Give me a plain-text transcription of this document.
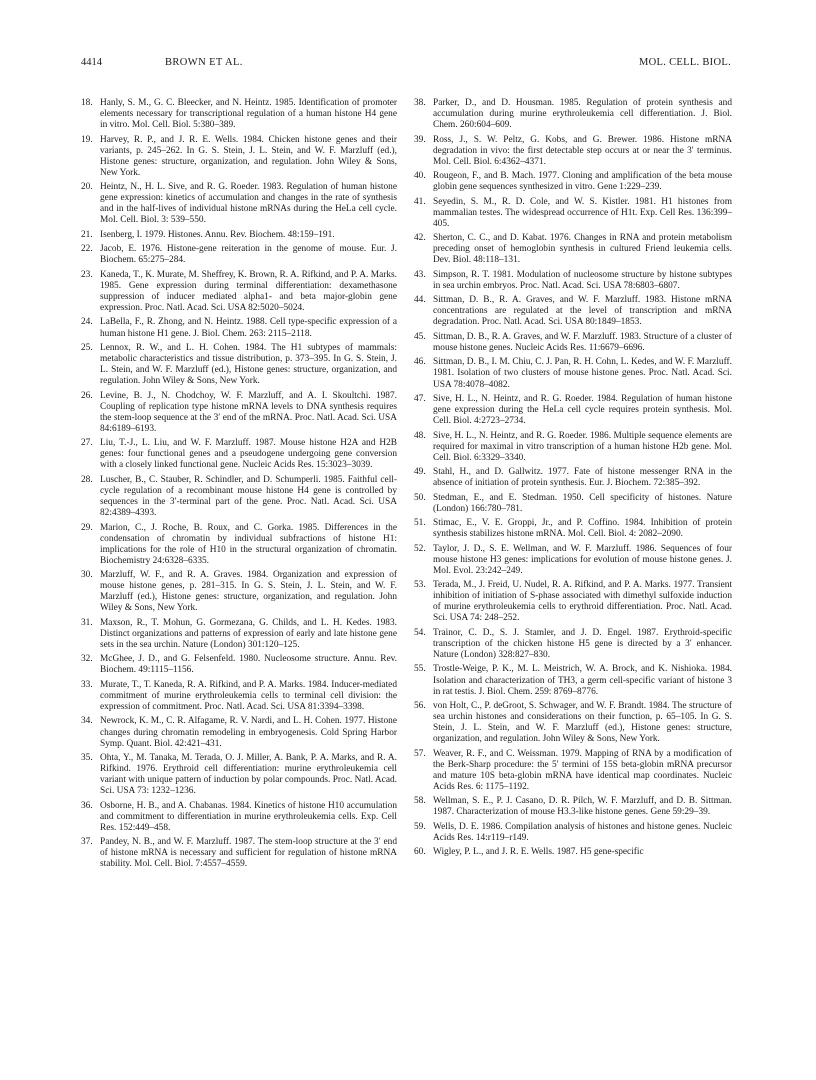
4414	BROWN ET AL.	MOL. CELL. BIOL.
18. Hanly, S. M., G. C. Bleecker, and N. Heintz. 1985. Identification of promoter elements necessary for transcriptional regulation of a human histone H4 gene in vitro. Mol. Cell. Biol. 5:380–389.
19. Harvey, R. P., and J. R. E. Wells. 1984. Chicken histone genes and their variants, p. 245–262. In G. S. Stein, J. L. Stein, and W. F. Marzluff (ed.), Histone genes: structure, organization, and regulation. John Wiley & Sons, New York.
20. Heintz, N., H. L. Sive, and R. G. Roeder. 1983. Regulation of human histone gene expression: kinetics of accumulation and changes in the rate of synthesis and in the half-lives of individual histone mRNAs during the HeLa cell cycle. Mol. Cell. Biol. 3: 539–550.
21. Isenberg, I. 1979. Histones. Annu. Rev. Biochem. 48:159–191.
22. Jacob, E. 1976. Histone-gene reiteration in the genome of mouse. Eur. J. Biochem. 65:275–284.
23. Kaneda, T., K. Murate, M. Sheffrey, K. Brown, R. A. Rifkind, and P. A. Marks. 1985. Gene expression during terminal differentiation: dexamethasone suppression of inducer mediated alpha1- and beta major-globin gene expression. Proc. Natl. Acad. Sci. USA 82:5020–5024.
24. LaBella, F., R. Zhong, and N. Heintz. 1988. Cell type-specific expression of a human histone H1 gene. J. Biol. Chem. 263: 2115–2118.
25. Lennox, R. W., and L. H. Cohen. 1984. The H1 subtypes of mammals: metabolic characteristics and tissue distribution, p. 373–395. In G. S. Stein, J. L. Stein, and W. F. Marzluff (ed.), Histone genes: structure, organization, and regulation. John Wiley & Sons, New York.
26. Levine, B. J., N. Chodchoy, W. F. Marzluff, and A. I. Skoultchi. 1987. Coupling of replication type histone mRNA levels to DNA synthesis requires the stem-loop sequence at the 3′ end of the mRNA. Proc. Natl. Acad. Sci. USA 84:6189–6193.
27. Liu, T.-J., L. Liu, and W. F. Marzluff. 1987. Mouse histone H2A and H2B genes: four functional genes and a pseudogene undergoing gene conversion with a closely linked functional gene. Nucleic Acids Res. 15:3023–3039.
28. Luscher, B., C. Stauber, R. Schindler, and D. Schumperli. 1985. Faithful cell-cycle regulation of a recombinant mouse histone H4 gene is controlled by sequences in the 3′-terminal part of the gene. Proc. Natl. Acad. Sci. USA 82:4389–4393.
29. Marion, C., J. Roche, B. Roux, and C. Gorka. 1985. Differences in the condensation of chromatin by individual subfractions of histone H1: implications for the role of H10 in the structural organization of chromatin. Biochemistry 24:6328–6335.
30. Marzluff, W. F., and R. A. Graves. 1984. Organization and expression of mouse histone genes, p. 281–315. In G. S. Stein, J. L. Stein, and W. F. Marzluff (ed.), Histone genes: structure, organization, and regulation. John Wiley & Sons, New York.
31. Maxson, R., T. Mohun, G. Gormezana, G. Childs, and L. H. Kedes. 1983. Distinct organizations and patterns of expression of early and late histone gene sets in the sea urchin. Nature (London) 301:120–125.
32. McGhee, J. D., and G. Felsenfeld. 1980. Nucleosome structure. Annu. Rev. Biochem. 49:1115–1156.
33. Murate, T., T. Kaneda, R. A. Rifkind, and P. A. Marks. 1984. Inducer-mediated commitment of murine erythroleukemia cells to terminal cell division: the expression of commitment. Proc. Natl. Acad. Sci. USA 81:3394–3398.
34. Newrock, K. M., C. R. Alfagame, R. V. Nardi, and L. H. Cohen. 1977. Histone changes during chromatin remodeling in embryogenesis. Cold Spring Harbor Symp. Quant. Biol. 42:421–431.
35. Ohta, Y., M. Tanaka, M. Terada, O. J. Miller, A. Bank, P. A. Marks, and R. A. Rifkind. 1976. Erythroid cell differentiation: murine erythroleukemia cell variant with unique pattern of induction by polar compounds. Proc. Natl. Acad. Sci. USA 73: 1232–1236.
36. Osborne, H. B., and A. Chabanas. 1984. Kinetics of histone H10 accumulation and commitment to differentiation in murine erythroleukemia cells. Exp. Cell Res. 152:449–458.
37. Pandey, N. B., and W. F. Marzluff. 1987. The stem-loop structure at the 3′ end of histone mRNA is necessary and sufficient for regulation of histone mRNA stability. Mol. Cell. Biol. 7:4557–4559.
38. Parker, D., and D. Housman. 1985. Regulation of protein synthesis and accumulation during murine erythroleukemia cell differentiation. J. Biol. Chem. 260:604–609.
39. Ross, J., S. W. Peltz, G. Kobs, and G. Brewer. 1986. Histone mRNA degradation in vivo: the first detectable step occurs at or near the 3′ terminus. Mol. Cell. Biol. 6:4362–4371.
40. Rougeon, F., and B. Mach. 1977. Cloning and amplification of the beta mouse globin gene sequences synthesized in vitro. Gene 1:229–239.
41. Seyedin, S. M., R. D. Cole, and W. S. Kistler. 1981. H1 histones from mammalian testes. The widespread occurrence of H1t. Exp. Cell Res. 136:399–405.
42. Sherton, C. C., and D. Kabat. 1976. Changes in RNA and protein metabolism preceding onset of hemoglobin synthesis in cultured Friend leukemia cells. Dev. Biol. 48:118–131.
43. Simpson, R. T. 1981. Modulation of nucleosome structure by histone subtypes in sea urchin embryos. Proc. Natl. Acad. Sci. USA 78:6803–6807.
44. Sittman, D. B., R. A. Graves, and W. F. Marzluff. 1983. Histone mRNA concentrations are regulated at the level of transcription and mRNA degradation. Proc. Natl. Acad. Sci. USA 80:1849–1853.
45. Sittman, D. B., R. A. Graves, and W. F. Marzluff. 1983. Structure of a cluster of mouse histone genes. Nucleic Acids Res. 11:6679–6696.
46. Sittman, D. B., I. M. Chiu, C. J. Pan, R. H. Cohn, L. Kedes, and W. F. Marzluff. 1981. Isolation of two clusters of mouse histone genes. Proc. Natl. Acad. Sci. USA 78:4078–4082.
47. Sive, H. L., N. Heintz, and R. G. Roeder. 1984. Regulation of human histone gene expression during the HeLa cell cycle requires protein synthesis. Mol. Cell. Biol. 4:2723–2734.
48. Sive, H. L., N. Heintz, and R. G. Roeder. 1986. Multiple sequence elements are required for maximal in vitro transcription of a human histone H2b gene. Mol. Cell. Biol. 6:3329–3340.
49. Stahl, H., and D. Gallwitz. 1977. Fate of histone messenger RNA in the absence of initiation of protein synthesis. Eur. J. Biochem. 72:385–392.
50. Stedman, E., and E. Stedman. 1950. Cell specificity of histones. Nature (London) 166:780–781.
51. Stimac, E., V. E. Groppi, Jr., and P. Coffino. 1984. Inhibition of protein synthesis stabilizes histone mRNA. Mol. Cell. Biol. 4: 2082–2090.
52. Taylor, J. D., S. E. Wellman, and W. F. Marzluff. 1986. Sequences of four mouse histone H3 genes: implications for evolution of mouse histone genes. J. Mol. Evol. 23:242–249.
53. Terada, M., J. Freid, U. Nudel, R. A. Rifkind, and P. A. Marks. 1977. Transient inhibition of initiation of S-phase associated with dimethyl sulfoxide induction of murine erythroleukemia cells to erythroid differentiation. Proc. Natl. Acad. Sci. USA 74: 248–252.
54. Trainor, C. D., S. J. Stamler, and J. D. Engel. 1987. Erythroid-specific transcription of the chicken histone H5 gene is directed by a 3′ enhancer. Nature (London) 328:827–830.
55. Trostle-Weige, P. K., M. L. Meistrich, W. A. Brock, and K. Nishioka. 1984. Isolation and characterization of TH3, a germ cell-specific variant of histone 3 in rat testis. J. Biol. Chem. 259: 8769–8776.
56. von Holt, C., P. deGroot, S. Schwager, and W. F. Brandt. 1984. The structure of sea urchin histones and considerations on their function, p. 65–105. In G. S. Stein, J. L. Stein, and W. F. Marzluff (ed.), Histone genes: structure, organization, and regulation. John Wiley & Sons, New York.
57. Weaver, R. F., and C. Weissman. 1979. Mapping of RNA by a modification of the Berk-Sharp procedure: the 5′ termini of 15S beta-globin mRNA precursor and mature 10S beta-globin mRNA have identical map coordinates. Nucleic Acids Res. 6: 1175–1192.
58. Wellman, S. E., P. J. Casano, D. R. Pilch, W. F. Marzluff, and D. B. Sittman. 1987. Characterization of mouse H3.3-like histone genes. Gene 59:29–39.
59. Wells, D. E. 1986. Compilation analysis of histones and histone genes. Nucleic Acids Res. 14:r119–r149.
60. Wigley, P. L., and J. R. E. Wells. 1987. H5 gene-specific
